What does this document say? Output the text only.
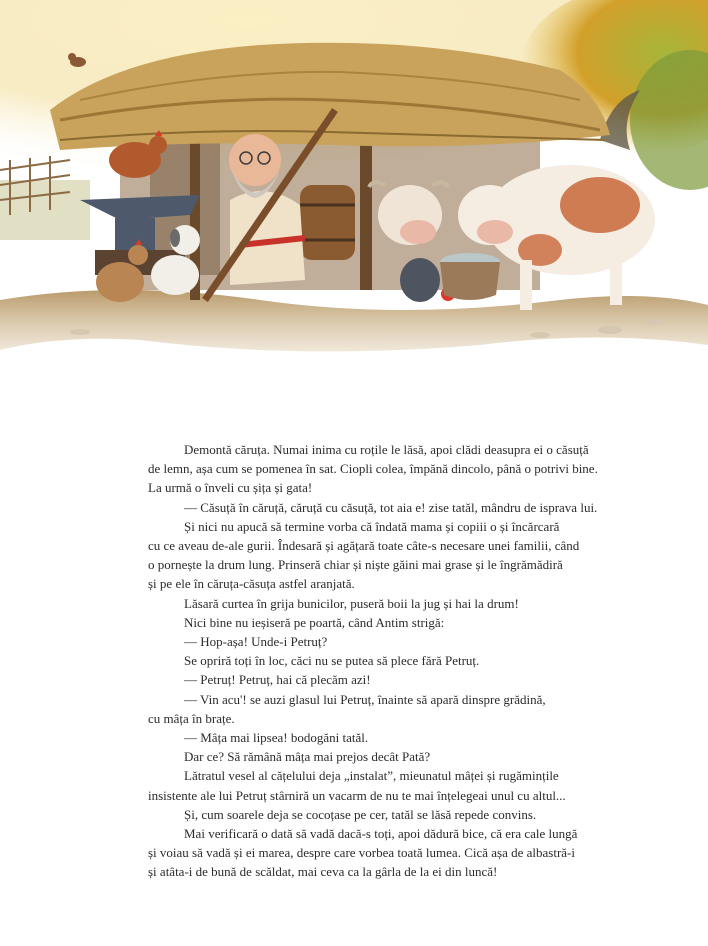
Demontă căruța. Numai inima cu roțile le lăsă, apoi clădi deasupra ei o căsuță

de lemn, așa cum se pomenea în sat. Ciopli colea, împănă dincolo, până o potrivi bine.

La urmă o înveli cu șița și gata!

— Căsuță în căruță, căruță cu căsuță, tot aia e! zise tatăl, mândru de isprava lui.

Și nici nu apucă să termine vorba că îndată mama și copiii o și încărcară

cu ce aveau de-ale gurii. Îndesară și agățară toate câte-s necesare unei familii, când

o pornește la drum lung. Prinseră chiar și niște găini mai grase și le îngrămădiră

și pe ele în căruța-căsuța astfel aranjată.

Lăsară curtea în grija bunicilor, puseră boii la jug și hai la drum!

Nici bine nu ieșiseră pe poartă, când Antim strigă:

— Hop-așa! Unde-i Petruț?

Se opriră toți în loc, căci nu se putea să plece fără Petruț.

— Petruț! Petruț, hai că plecăm azi!

— Vin acu'! se auzi glasul lui Petruț, înainte să apară dinspre grădină,

cu mâța în brațe.

— Mâța mai lipsea! bodogăni tatăl.

Dar ce? Să rămână mâța mai prejos decât Pată?

Lătratul vesel al cățelului deja „instalat”, mieunatul mâței și rugămințile

insistente ale lui Petruț stârniră un vacarm de nu te mai înțelegeai unul cu altul...

Și, cum soarele deja se cocoțase pe cer, tatăl se lăsă repede convins.

Mai verificară o dată să vadă dacă-s toți, apoi dădură bice, că era cale lungă

și voiau să vadă și ei marea, despre care vorbea toată lumea. Cică așa de albastră-i

și atâta-i de bună de scăldat, mai ceva ca la gârla de la ei din luncă!
